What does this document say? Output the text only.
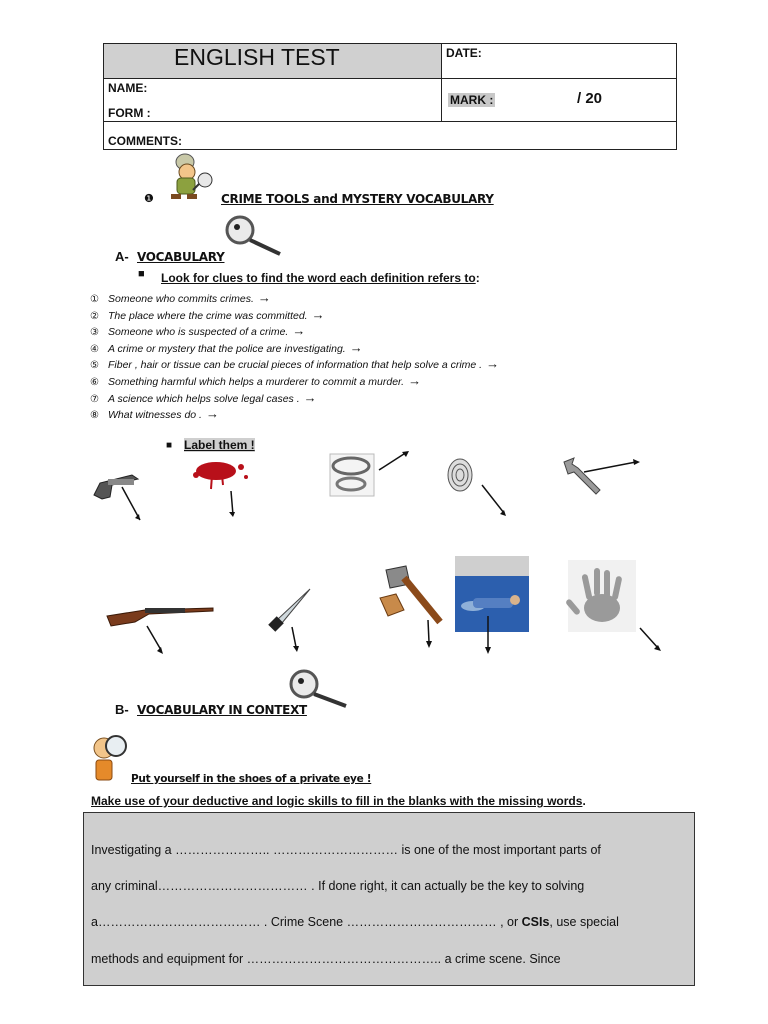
ENGLISH TEST	DATE:
NAME:
FORM :
MARK :	/ 20
COMMENTS:
❶	CRIME TOOLS and MYSTERY VOCABULARY
A- VOCABULARY
■ Look for clues to find the word each definition refers to:
① Someone who commits crimes. →
② The place where the crime was committed. →
③ Someone who is suspected of a crime. →
④ A crime or mystery that the police are investigating. →
⑤ Fiber , hair or tissue can be crucial pieces of information that help solve a crime . →
⑥ Something harmful which helps a murderer to commit a murder. →
⑦ A science which helps solve legal cases . →
⑧ What witnesses do . →
■ Label them !
B- VOCABULARY IN CONTEXT
Put yourself in the shoes of a private eye !
Make use of your deductive and logic skills to fill in the blanks with the missing words.
Investigating a ………………….. ………………………… is one of the most important parts of
any criminal……………………………… . If done right, it can actually be the key to solving
a………………………………… . Crime Scene ……………………………… , or CSIs, use special
methods and equipment for ……………………………………….. a crime scene. Since
